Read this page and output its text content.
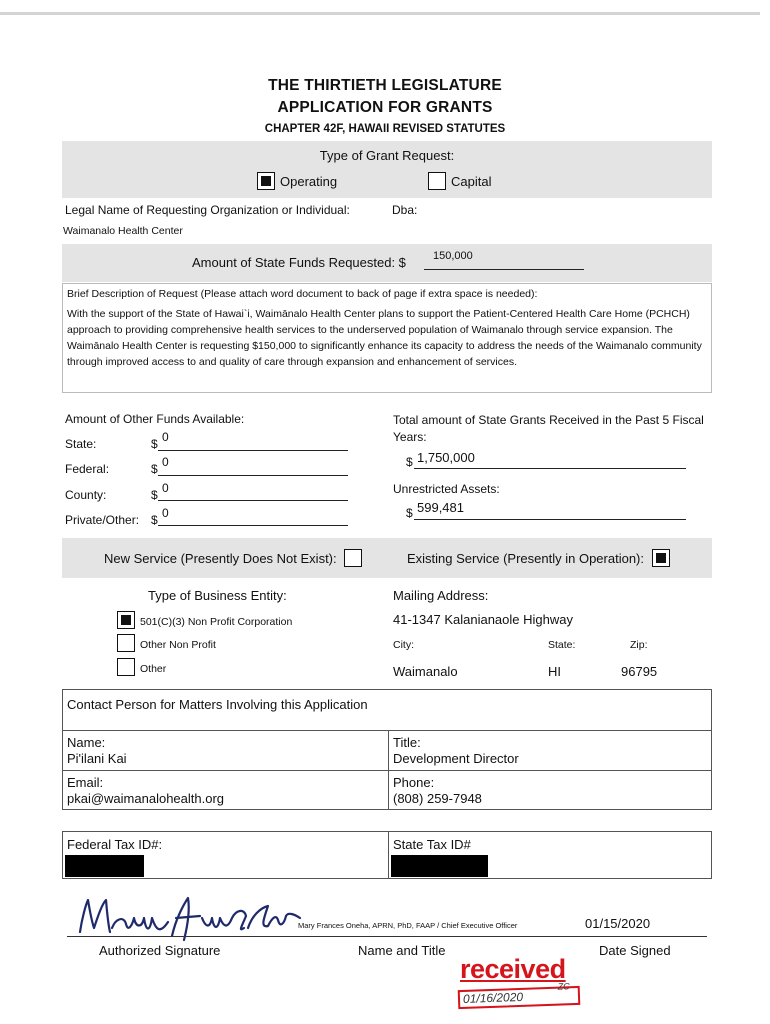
THE THIRTIETH LEGISLATURE
APPLICATION FOR GRANTS
CHAPTER 42F, HAWAII REVISED STATUTES
Type of Grant Request:
Operating	Capital
Legal Name of Requesting Organization or Individual:	Dba:
Waimanalo Health Center
Amount of State Funds Requested: $ 150,000
Brief Description of Request (Please attach word document to back of page if extra space is needed):
With the support of the State of Hawai`i, Waimānalo Health Center plans to support the Patient-Centered Health Care Home (PCHCH) approach to providing comprehensive health services to the underserved population of Waimanalo through service expansion. The Waimānalo Health Center is requesting $150,000 to significantly enhance its capacity to address the needs of the Waimanalo community through improved access to and quality of care through expansion and enhancement of services.
Amount of Other Funds Available:
State:	$ 0
Federal:	$ 0
County:	$ 0
Private/Other: $ 0
Total amount of State Grants Received in the Past 5 Fiscal Years:
$ 1,750,000
Unrestricted Assets:
$ 599,481
New Service (Presently Does Not Exist):	Existing Service (Presently in Operation):
Type of Business Entity:
501(C)(3) Non Profit Corporation
Other Non Profit
Other
Mailing Address:
41-1347 Kalanianaole Highway
City:	State:	Zip:
Waimanalo	HI	96795
Contact Person for Matters Involving this Application
Name:
Pi'ilani Kai
Title:
Development Director
Email:
pkai@waimanalohealth.org
Phone:
(808) 259-7948
Federal Tax ID#:	State Tax ID#
Mary Frances Oneha, APRN, PhD, FAAP / Chief Executive Officer	01/15/2020
Authorized Signature	Name and Title	Date Signed
received
01/16/2020
ZC
